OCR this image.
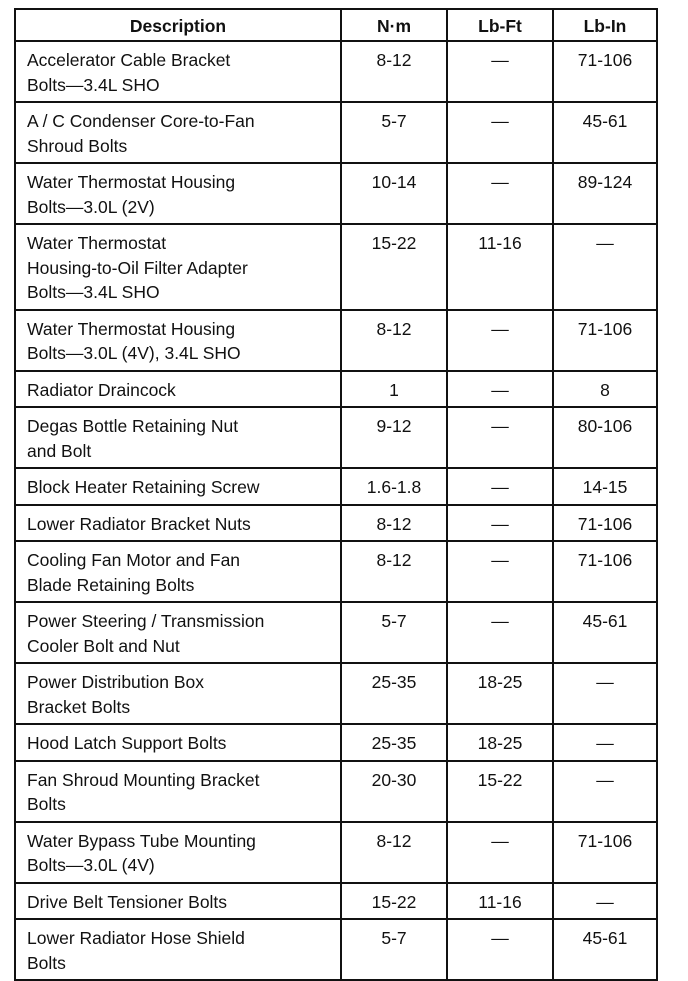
Description	N·m	Lb-Ft	Lb-In
Accelerator Cable Bracket
Bolts—3.4L SHO	8-12	—	71-106
A / C Condenser Core-to-Fan
Shroud Bolts	5-7	—	45-61
Water Thermostat Housing
Bolts—3.0L (2V)	10-14	—	89-124
Water Thermostat
Housing-to-Oil Filter Adapter
Bolts—3.4L SHO	15-22	11-16	—
Water Thermostat Housing
Bolts—3.0L (4V), 3.4L SHO	8-12	—	71-106
Radiator Draincock	1	—	8
Degas Bottle Retaining Nut
and Bolt	9-12	—	80-106
Block Heater Retaining Screw	1.6-1.8	—	14-15
Lower Radiator Bracket Nuts	8-12	—	71-106
Cooling Fan Motor and Fan
Blade Retaining Bolts	8-12	—	71-106
Power Steering / Transmission
Cooler Bolt and Nut	5-7	—	45-61
Power Distribution Box
Bracket Bolts	25-35	18-25	—
Hood Latch Support Bolts	25-35	18-25	—
Fan Shroud Mounting Bracket
Bolts	20-30	15-22	—
Water Bypass Tube Mounting
Bolts—3.0L (4V)	8-12	—	71-106
Drive Belt Tensioner Bolts	15-22	11-16	—
Lower Radiator Hose Shield
Bolts	5-7	—	45-61
